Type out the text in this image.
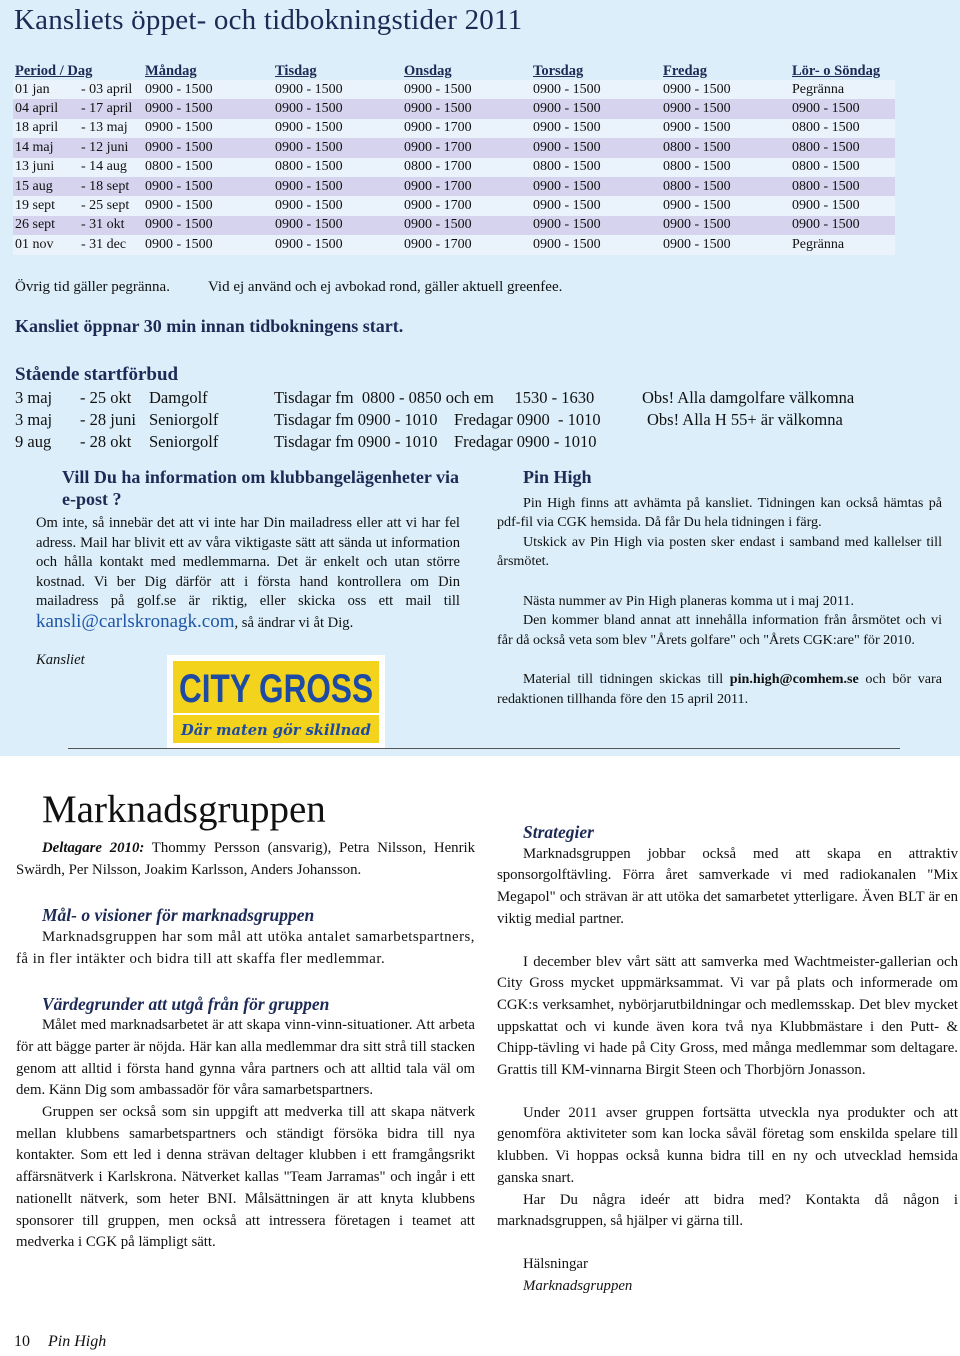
Kansliets öppet- och tidbokningstider 2011
Period / Dag		Måndag	Tisdag	Onsdag	Torsdag	Fredag	Lör- o Söndag
01 jan	- 03 april	0900 - 1500	0900 - 1500	0900 - 1500	0900 - 1500	0900 - 1500	Pegränna
04 april	- 17 april	0900 - 1500	0900 - 1500	0900 - 1500	0900 - 1500	0900 - 1500	0900 - 1500
18 april	- 13 maj	0900 - 1500	0900 - 1500	0900 - 1700	0900 - 1500	0900 - 1500	0800 - 1500
14 maj	- 12 juni	0900 - 1500	0900 - 1500	0900 - 1700	0900 - 1500	0800 - 1500	0800 - 1500
13 juni	- 14 aug	0800 - 1500	0800 - 1500	0800 - 1700	0800 - 1500	0800 - 1500	0800 - 1500
15 aug	- 18 sept	0900 - 1500	0900 - 1500	0900 - 1700	0900 - 1500	0800 - 1500	0800 - 1500
19 sept	- 25 sept	0900 - 1500	0900 - 1500	0900 - 1700	0900 - 1500	0900 - 1500	0900 - 1500
26 sept	- 31 okt	0900 - 1500	0900 - 1500	0900 - 1500	0900 - 1500	0900 - 1500	0900 - 1500
01 nov	- 31 dec	0900 - 1500	0900 - 1500	0900 - 1700	0900 - 1500	0900 - 1500	Pegränna
Övrig tid gäller pegränna.	Vid ej använd och ej avbokad rond, gäller aktuell greenfee.
Kansliet öppnar 30 min innan tidbokningens start.
Stående startförbud
3 maj - 25 okt Damgolf	Tisdagar fm  0800 - 0850 och em     1530 - 1630	Obs! Alla damgolfare välkomna
3 maj - 28 juni Seniorgolf	Tisdagar fm 0900 - 1010    Fredagar 0900  - 1010	Obs! Alla H 55+ är välkomna
9 aug - 28 okt Seniorgolf	Tisdagar fm 0900 - 1010    Fredagar 0900 - 1010
Vill Du ha information om klubbangelägenheter via e-post ?
Om inte, så innebär det att vi inte har Din mailadress eller att vi har fel adress. Mail har blivit ett av våra viktigaste sätt att sända ut information och hålla kontakt med medlemmarna. Det är enkelt och utan större kostnad. Vi ber Dig därför att i första hand kontrollera om Din mailadress på golf.se är riktig, eller skicka oss ett mail till kansli@carlskronagk.com, så ändrar vi åt Dig.
Kansliet
CITY GROSS
Där maten gör skillnad
Pin High

Pin High finns att avhämta på kansliet. Tidningen kan också hämtas på pdf-fil via CGK hemsida. Då får Du hela tidningen i färg.

Utskick av Pin High via posten sker endast i samband med kallelser till årsmötet.

Nästa nummer av Pin High planeras komma ut i maj 2011.

Den kommer bland annat att innehålla information från årsmötet och vi får då också veta som blev "Årets golfare" och "Årets CGK:are" för 2010.

Material till tidningen skickas till pin.high@comhem.se och bör vara redaktionen tillhanda före den 15 april 2011.

Marknadsgruppen

Deltagare 2010: Thommy Persson (ansvarig), Petra Nilsson, Henrik Swärdh, Per Nilsson, Joakim Karlsson, Anders Johansson.

Mål- o visioner för marknadsgruppen

Marknadsgruppen har som mål att utöka antalet samarbetspartners, få in fler intäkter och bidra till att skaffa fler medlemmar.

Värdegrunder att utgå från för gruppen

Målet med marknadsarbetet är att skapa vinn-vinn-situationer. Att arbeta för att bägge parter är nöjda. Här kan alla medlemmar dra sitt strå till stacken genom att alltid i första hand gynna våra partners och att alltid tala väl om dem. Känn Dig som ambassadör för våra samarbetspartners.

Gruppen ser också som sin uppgift att medverka till att skapa nätverk mellan klubbens samarbetspartners och ständigt försöka bidra till nya kontakter. Som ett led i denna strävan deltager klubben i ett framgångsrikt affärsnätverk i Karlskrona. Nätverket kallas "Team Jarramas" och ingår i ett nationellt nätverk, som heter BNI. Målsättningen är att knyta klubbens sponsorer till gruppen, men också att intressera företagen i teamet att medverka i CGK på lämpligt sätt.

Strategier

Marknadsgruppen jobbar också med att skapa en attraktiv sponsorgolftävling. Förra året samverkade vi med radiokanalen "Mix Megapol" och strävan är att utöka det samarbetet ytterligare. Även BLT är en viktig medial partner.

I december blev vårt sätt att samverka med Wachtmeister-gallerian och City Gross mycket uppmärksammat. Vi var på plats och informerade om CGK:s verksamhet, nybörjarutbildningar och medlemsskap. Det blev mycket uppskattat och vi kunde även kora två nya Klubbmästare i den Putt- & Chipp-tävling vi hade på City Gross, med många medlemmar som deltagare. Grattis till KM-vinnarna Birgit Steen och Thorbjörn Jonasson.

Under 2011 avser gruppen fortsätta utveckla nya produkter och att genomföra aktiviteter som kan locka såväl företag som enskilda spelare till klubben. Vi hoppas också kunna bidra till en ny och utvecklad hemsida ganska snart.

Har Du några ideér att bidra med? Kontakta då någon i marknadsgruppen, så hjälper vi gärna till.

Hälsningar

Marknadsgruppen

10 Pin High
